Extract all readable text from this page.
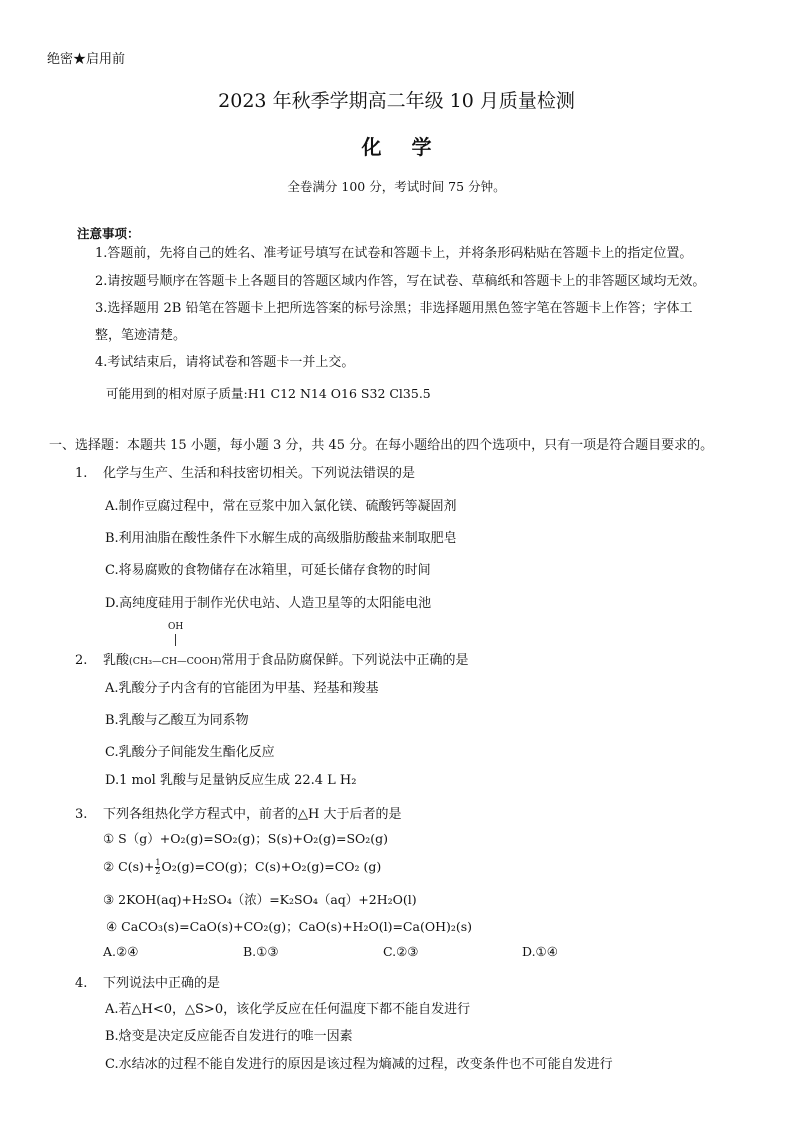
绝密★启用前
2023 年秋季学期高二年级 10 月质量检测
化学
全卷满分 100 分，考试时间 75 分钟。
注意事项：
1.答题前，先将自己的姓名、准考证号填写在试卷和答题卡上，并将条形码粘贴在答题卡上的指定位置。
2.请按题号顺序在答题卡上各题目的答题区域内作答，写在试卷、草稿纸和答题卡上的非答题区域均无效。
3.选择题用 2B 铅笔在答题卡上把所选答案的标号涂黑；非选择题用黑色签字笔在答题卡上作答；字体工
整，笔迹清楚。
4.考试结束后，请将试卷和答题卡一并上交。
可能用到的相对原子质量:H1 C12 N14 O16 S32 Cl35.5
一、选择题：本题共 15 小题，每小题 3 分，共 45 分。在每小题给出的四个选项中，只有一项是符合题目要求的。
1. 化学与生产、生活和科技密切相关。下列说法错误的是
A.制作豆腐过程中，常在豆浆中加入氯化镁、硫酸钙等凝固剂
B.利用油脂在酸性条件下水解生成的高级脂肪酸盐来制取肥皂
C.将易腐败的食物储存在冰箱里，可延长储存食物的时间
D.高纯度硅用于制作光伏电站、人造卫星等的太阳能电池
OH
2. 乳酸(CH₃—CH—COOH)常用于食品防腐保鲜。下列说法中正确的是
A.乳酸分子内含有的官能团为甲基、羟基和羧基
B.乳酸与乙酸互为同系物
C.乳酸分子间能发生酯化反应
D.1 mol 乳酸与足量钠反应生成 22.4 L H₂
3. 下列各组热化学方程式中，前者的△H 大于后者的是
① S（g）+O₂(g)=SO₂(g)；S(s)+O₂(g)=SO₂(g)
② $C(s)+ \frac{1}{2} O_2(g)=CO(g)$；C(s)+O₂(g)=CO₂ (g)
③ 2KOH(aq)+H₂SO₄（浓）=K₂SO₄（aq）+2H₂O(l)
④ CaCO₃(s)=CaO(s)+CO₂(g)；CaO(s)+H₂O(l)=Ca(OH)₂(s)
A.②④	B.①③	C.②③	D.①④
4. 下列说法中正确的是
A.若△H<0，△S>0，该化学反应在任何温度下都不能自发进行
B.焓变是决定反应能否自发进行的唯一因素
C.水结冰的过程不能自发进行的原因是该过程为熵减的过程，改变条件也不可能自发进行
